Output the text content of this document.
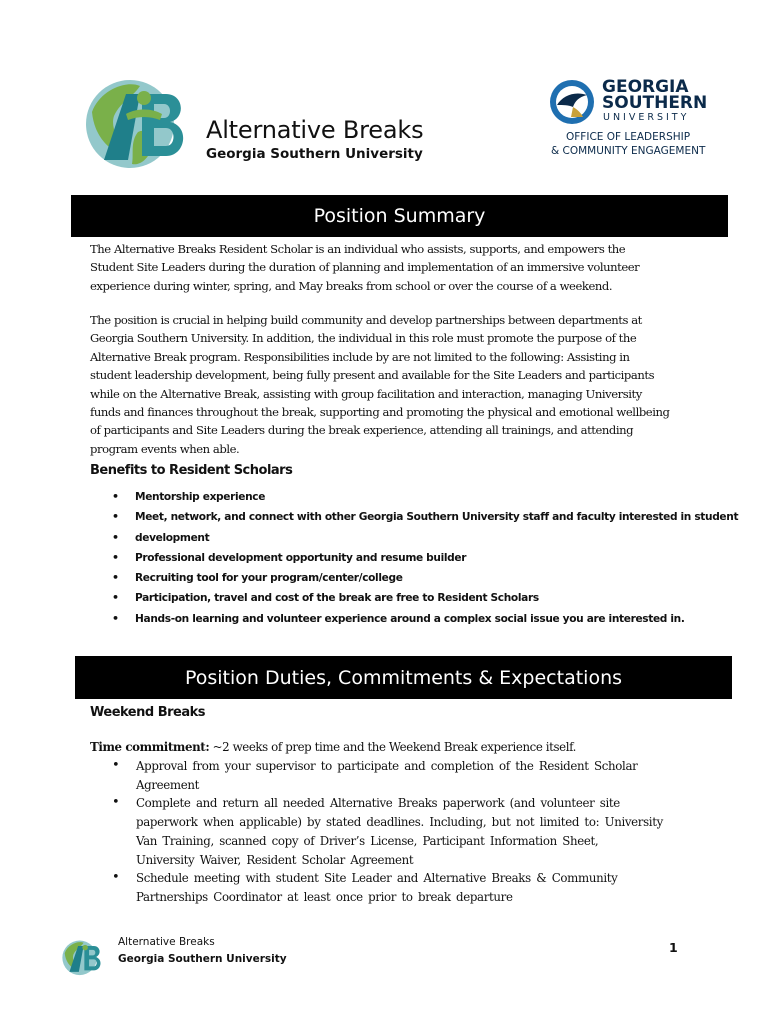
Alternative Breaks
Georgia Southern University
GEORGIA
SOUTHERN
UNIVERSITY
OFFICE OF LEADERSHIP
& COMMUNITY ENGAGEMENT
Position Summary
The Alternative Breaks Resident Scholar is an individual who assists, supports, and empowers the
Student Site Leaders during the duration of planning and implementation of an immersive volunteer
experience during winter, spring, and May breaks from school or over the course of a weekend.
The position is crucial in helping build community and develop partnerships between departments at
Georgia Southern University. In addition, the individual in this role must promote the purpose of the
Alternative Break program. Responsibilities include by are not limited to the following: Assisting in
student leadership development, being fully present and available for the Site Leaders and participants
while on the Alternative Break, assisting with group facilitation and interaction, managing University
funds and finances throughout the break, supporting and promoting the physical and emotional wellbeing
of participants and Site Leaders during the break experience, attending all trainings, and attending
program events when able.
Benefits to Resident Scholars
• Mentorship experience
• Meet, network, and connect with other Georgia Southern University staff and faculty interested in student
• development
• Professional development opportunity and resume builder
• Recruiting tool for your program/center/college
• Participation, travel and cost of the break are free to Resident Scholars
• Hands-on learning and volunteer experience around a complex social issue you are interested in.
Position Duties, Commitments & Expectations
Weekend Breaks
Time commitment: ~2 weeks of prep time and the Weekend Break experience itself.
• Approval from your supervisor to participate and completion of the Resident Scholar
Agreement
• Complete and return all needed Alternative Breaks paperwork (and volunteer site
paperwork when applicable) by stated deadlines. Including, but not limited to: University
Van Training, scanned copy of Driver’s License, Participant Information Sheet,
University Waiver, Resident Scholar Agreement
• Schedule meeting with student Site Leader and Alternative Breaks & Community
Partnerships Coordinator at least once prior to break departure
Alternative Breaks
Georgia Southern University
1
